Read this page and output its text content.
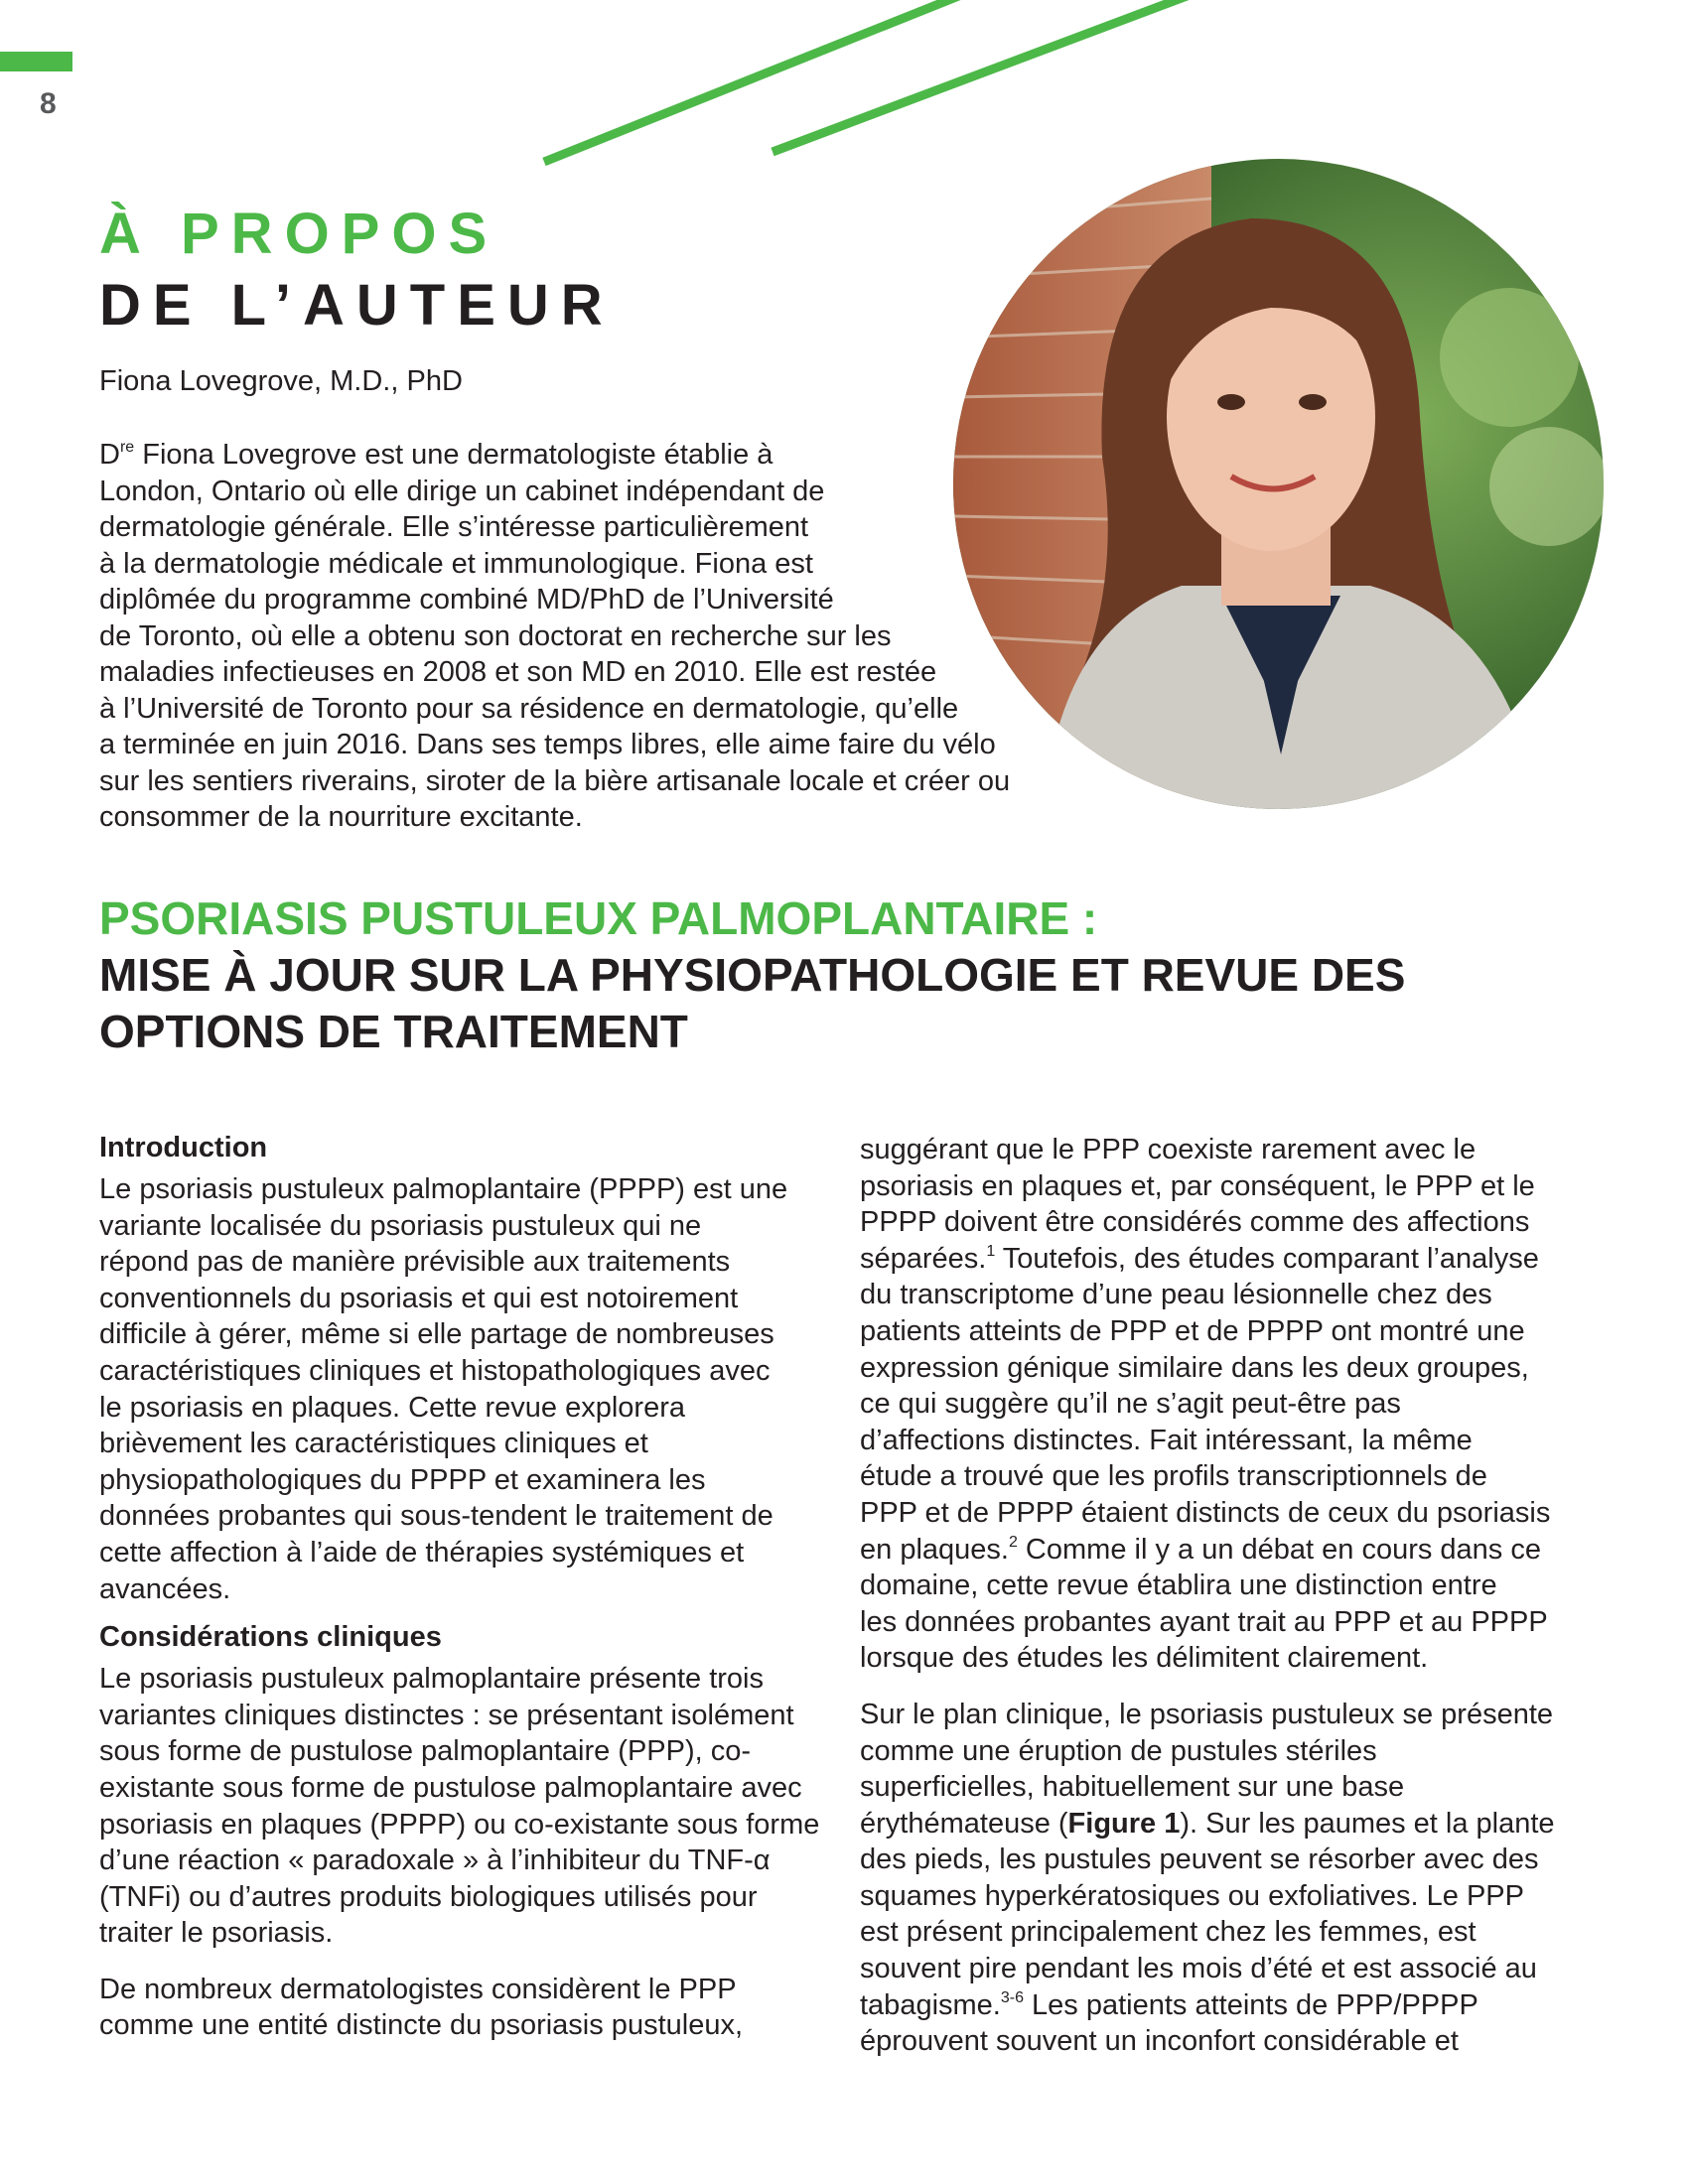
8
À PROPOS
DE L’AUTEUR
Fiona Lovegrove, M.D., PhD
Dre Fiona Lovegrove est une dermatologiste établie à
London, Ontario où elle dirige un cabinet indépendant de
dermatologie générale. Elle s’intéresse particulièrement
à la dermatologie médicale et immunologique. Fiona est
diplômée du programme combiné MD/PhD de l’Université
de Toronto, où elle a obtenu son doctorat en recherche sur les
maladies infectieuses en 2008 et son MD en 2010. Elle est restée
à l’Université de Toronto pour sa résidence en dermatologie, qu’elle
a terminée en juin 2016. Dans ses temps libres, elle aime faire du vélo
sur les sentiers riverains, siroter de la bière artisanale locale et créer ou
consommer de la nourriture excitante.
PSORIASIS PUSTULEUX PALMOPLANTAIRE :
MISE À JOUR SUR LA PHYSIOPATHOLOGIE ET REVUE DES
OPTIONS DE TRAITEMENT
Introduction

Le psoriasis pustuleux palmoplantaire (PPPP) est une
variante localisée du psoriasis pustuleux qui ne
répond pas de manière prévisible aux traitements
conventionnels du psoriasis et qui est notoirement
difficile à gérer, même si elle partage de nombreuses
caractéristiques cliniques et histopathologiques avec
le psoriasis en plaques. Cette revue explorera
brièvement les caractéristiques cliniques et
physiopathologiques du PPPP et examinera les
données probantes qui sous-tendent le traitement de
cette affection à l’aide de thérapies systémiques et
avancées.

Considérations cliniques

Le psoriasis pustuleux palmoplantaire présente trois
variantes cliniques distinctes : se présentant isolément
sous forme de pustulose palmoplantaire (PPP), co-
existante sous forme de pustulose palmoplantaire avec
psoriasis en plaques (PPPP) ou co-existante sous forme
d’une réaction « paradoxale » à l’inhibiteur du TNF-α
(TNFi) ou d’autres produits biologiques utilisés pour
traiter le psoriasis.

De nombreux dermatologistes considèrent le PPP
comme une entité distincte du psoriasis pustuleux,

suggérant que le PPP coexiste rarement avec le
psoriasis en plaques et, par conséquent, le PPP et le
PPPP doivent être considérés comme des affections
séparées.$^1$ Toutefois, des études comparant l’analyse
du transcriptome d’une peau lésionnelle chez des
patients atteints de PPP et de PPPP ont montré une
expression génique similaire dans les deux groupes,
ce qui suggère qu’il ne s’agit peut-être pas
d’affections distinctes. Fait intéressant, la même
étude a trouvé que les profils transcriptionnels de
PPP et de PPPP étaient distincts de ceux du psoriasis
en plaques.$^2$ Comme il y a un débat en cours dans ce
domaine, cette revue établira une distinction entre
les données probantes ayant trait au PPP et au PPPP
lorsque des études les délimitent clairement.

Sur le plan clinique, le psoriasis pustuleux se présente
comme une éruption de pustules stériles
superficielles, habituellement sur une base
érythémateuse (Figure 1). Sur les paumes et la plante
des pieds, les pustules peuvent se résorber avec des
squames hyperkératosiques ou exfoliatives. Le PPP
est présent principalement chez les femmes, est
souvent pire pendant les mois d’été et est associé au
tabagisme.$^{3-6}$ Les patients atteints de PPP/PPPP
éprouvent souvent un inconfort considérable et
